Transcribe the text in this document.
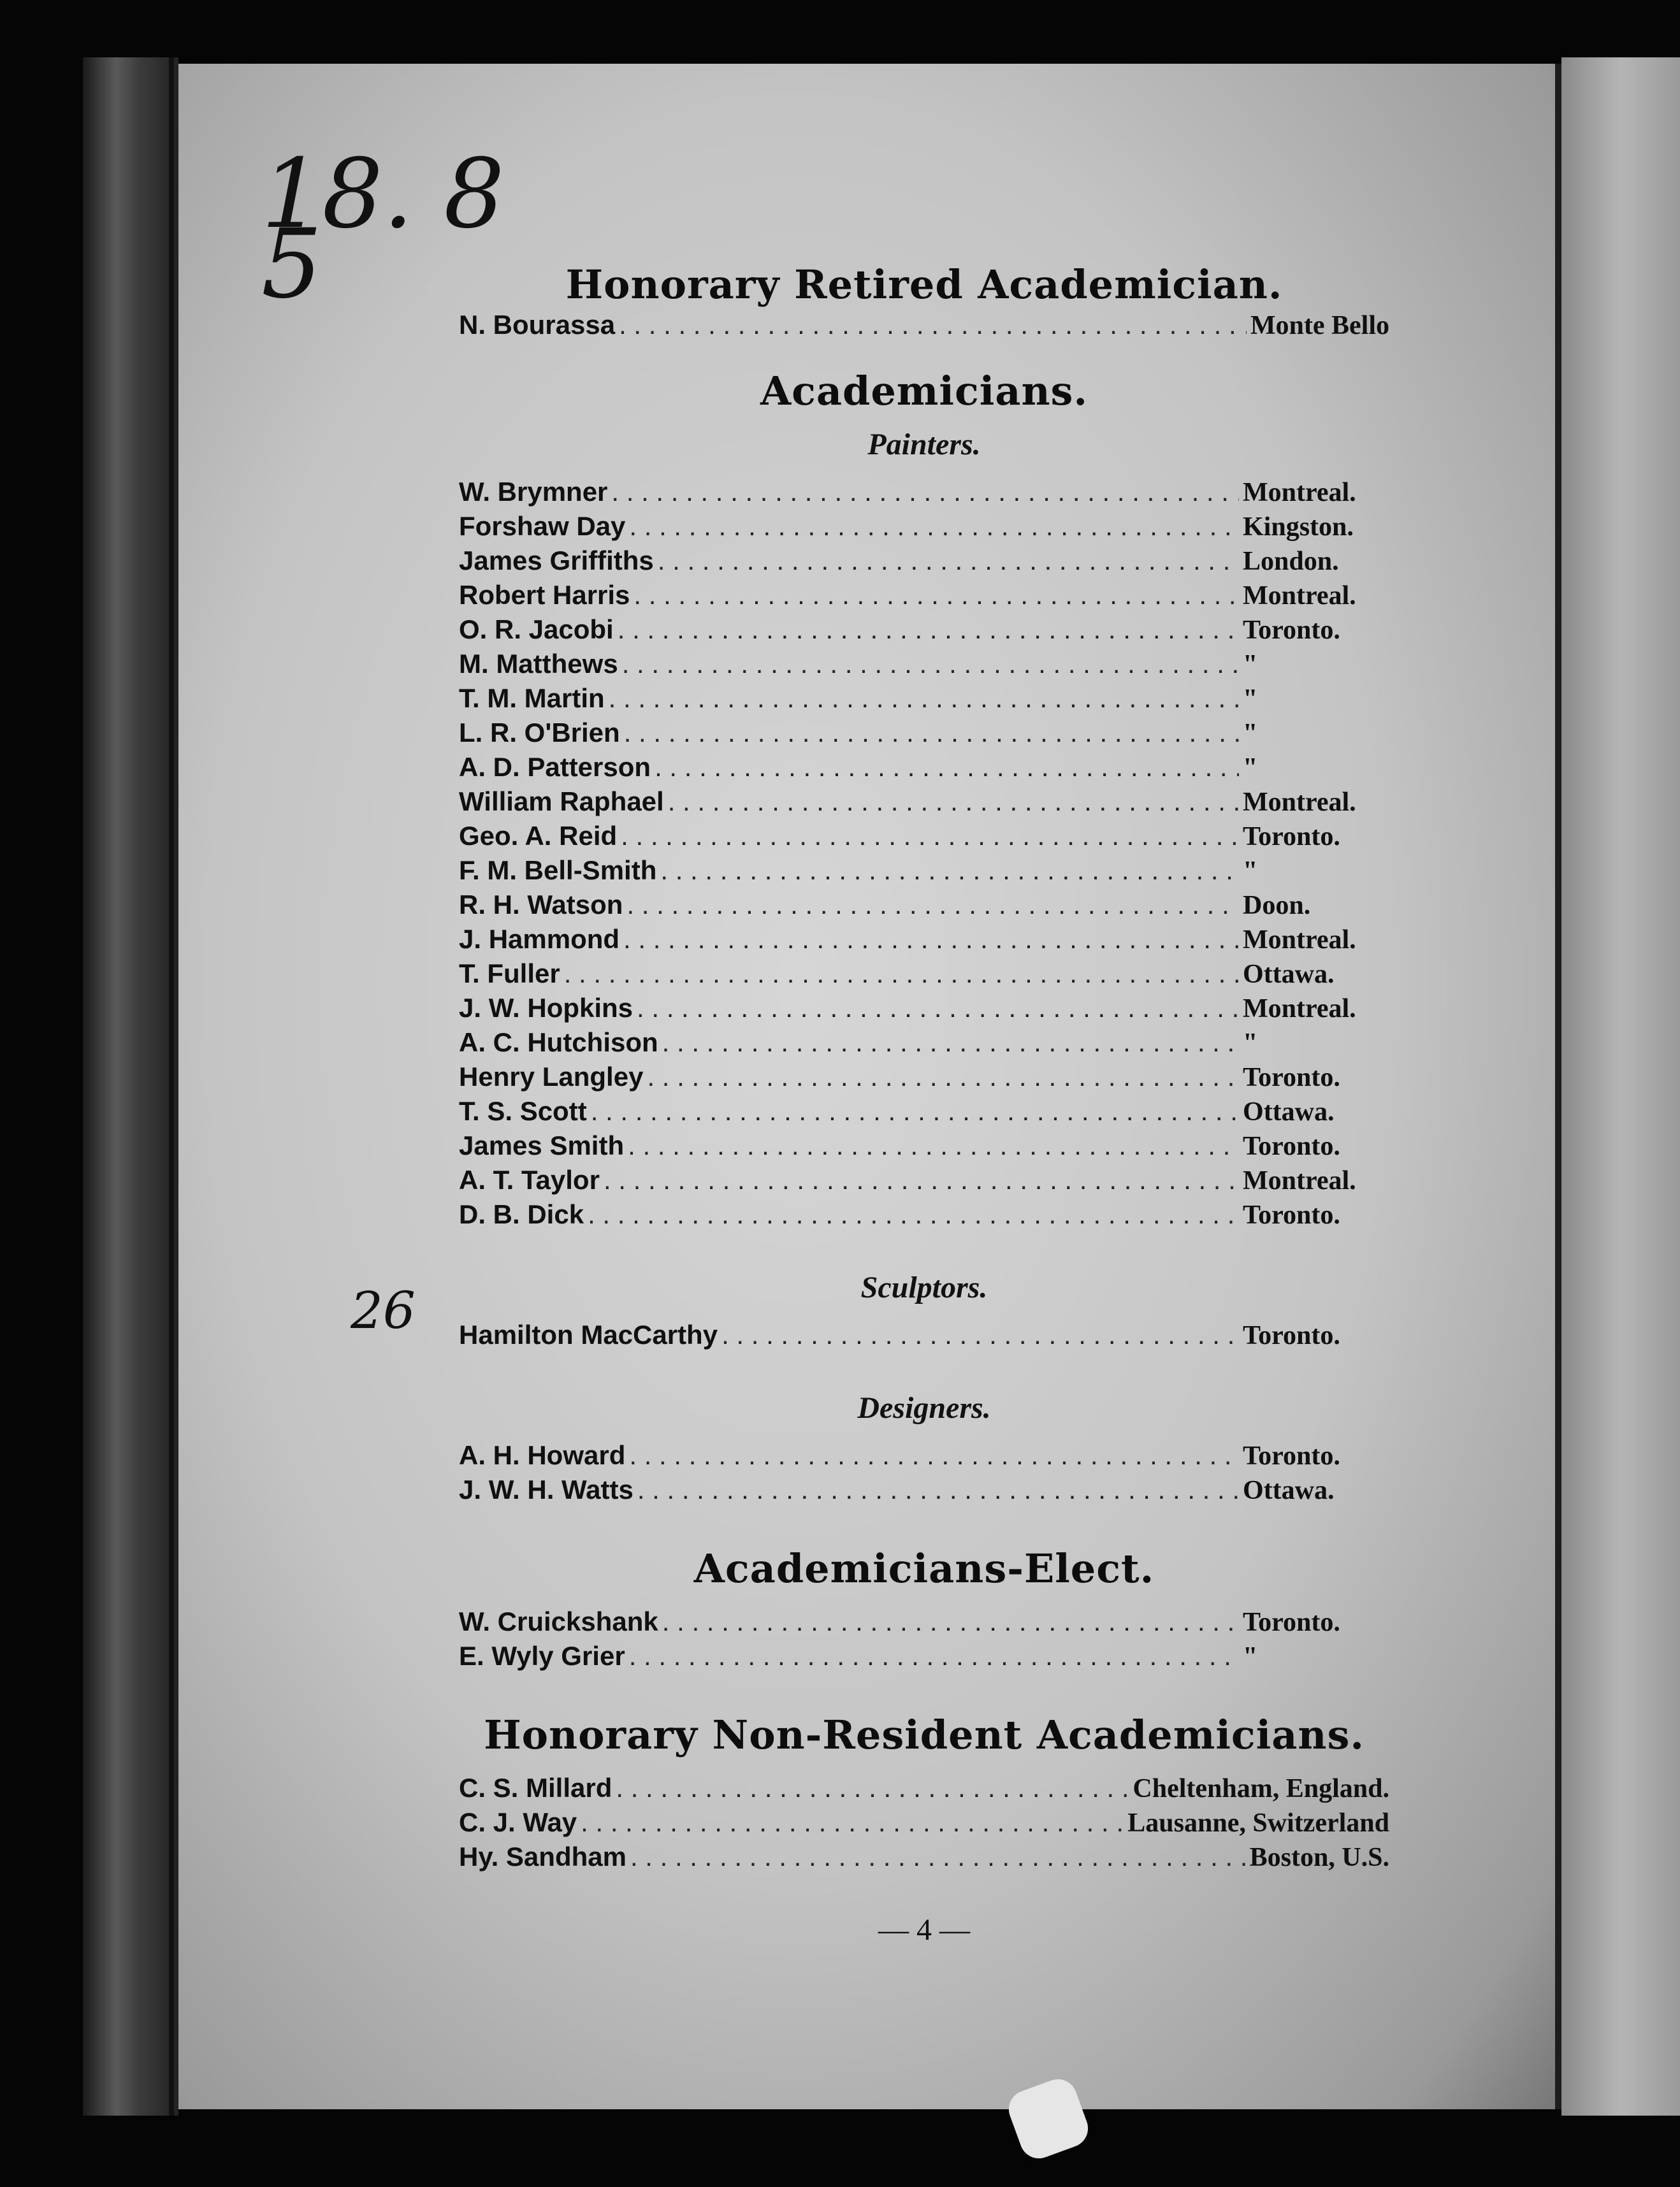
18. 8
5
26
Honorary Retired Academician.
N. Bourassa . . .	Monte Bello
Academicians.
Painters.
W. Brymner . . .	Montreal.
Forshaw Day . . .	Kingston.
James Griffiths . . .	London.
Robert Harris . . .	Montreal.
O. R. Jacobi . . .	Toronto.
M. Matthews . . .	"
T. M. Martin . . .	"
L. R. O'Brien . . .	"
A. D. Patterson . . .	"
William Raphael . . .	Montreal.
Geo. A. Reid . . .	Toronto.
F. M. Bell-Smith . . .	"
R. H. Watson . . .	Doon.
J. Hammond . . .	Montreal.
T. Fuller . . .	Ottawa.
J. W. Hopkins . . .	Montreal.
A. C. Hutchison . . .	"
Henry Langley . . .	Toronto.
T. S. Scott . . .	Ottawa.
James Smith . . .	Toronto.
A. T. Taylor . . .	Montreal.
D. B. Dick . . .	Toronto.
Sculptors.
Hamilton MacCarthy . . .	Toronto.
Designers.
A. H. Howard . . .	Toronto.
J. W. H. Watts . . .	Ottawa.
Academicians-Elect.
W. Cruickshank . . .	Toronto.
E. Wyly Grier . . .	"
Honorary Non-Resident Academicians.
C. S. Millard . . .	Cheltenham, England.
C. J. Way . . .	Lausanne, Switzerland
Hy. Sandham . . .	Boston, U.S.
— 4 —
